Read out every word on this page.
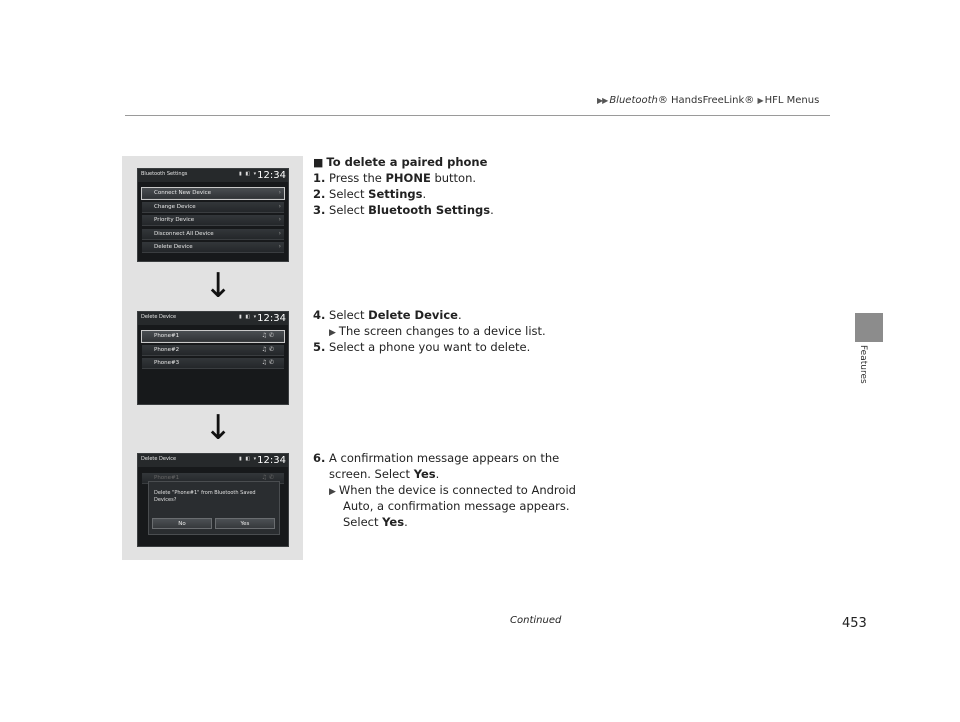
▶▶ Bluetooth® HandsFreeLink® ▶ HFL Menus
Features
Bluetooth Settings	▮ ◧ ▾ 12:34
Connect New Device	›
Change Device	›
Priority Device	›
Disconnect All Device	›
Delete Device	›
↓
Delete Device	▮ ◧ ▾ 12:34
Phone#1	♫ ✆
Phone#2	♫ ✆
Phone#3	♫ ✆
↓
Delete Device	▮ ◧ ▾ 12:34
Phone#1	♫ ✆
Delete "Phone#1" from Bluetooth Saved Devices?
No	Yes
■ To delete a paired phone
1. Press the PHONE button.
2. Select Settings.
3. Select Bluetooth Settings.
4. Select Delete Device.
▶ The screen changes to a device list.
5. Select a phone you want to delete.
6. A confirmation message appears on the
screen. Select Yes.
▶ When the device is connected to Android
Auto, a confirmation message appears.
Select Yes.
Continued	453
